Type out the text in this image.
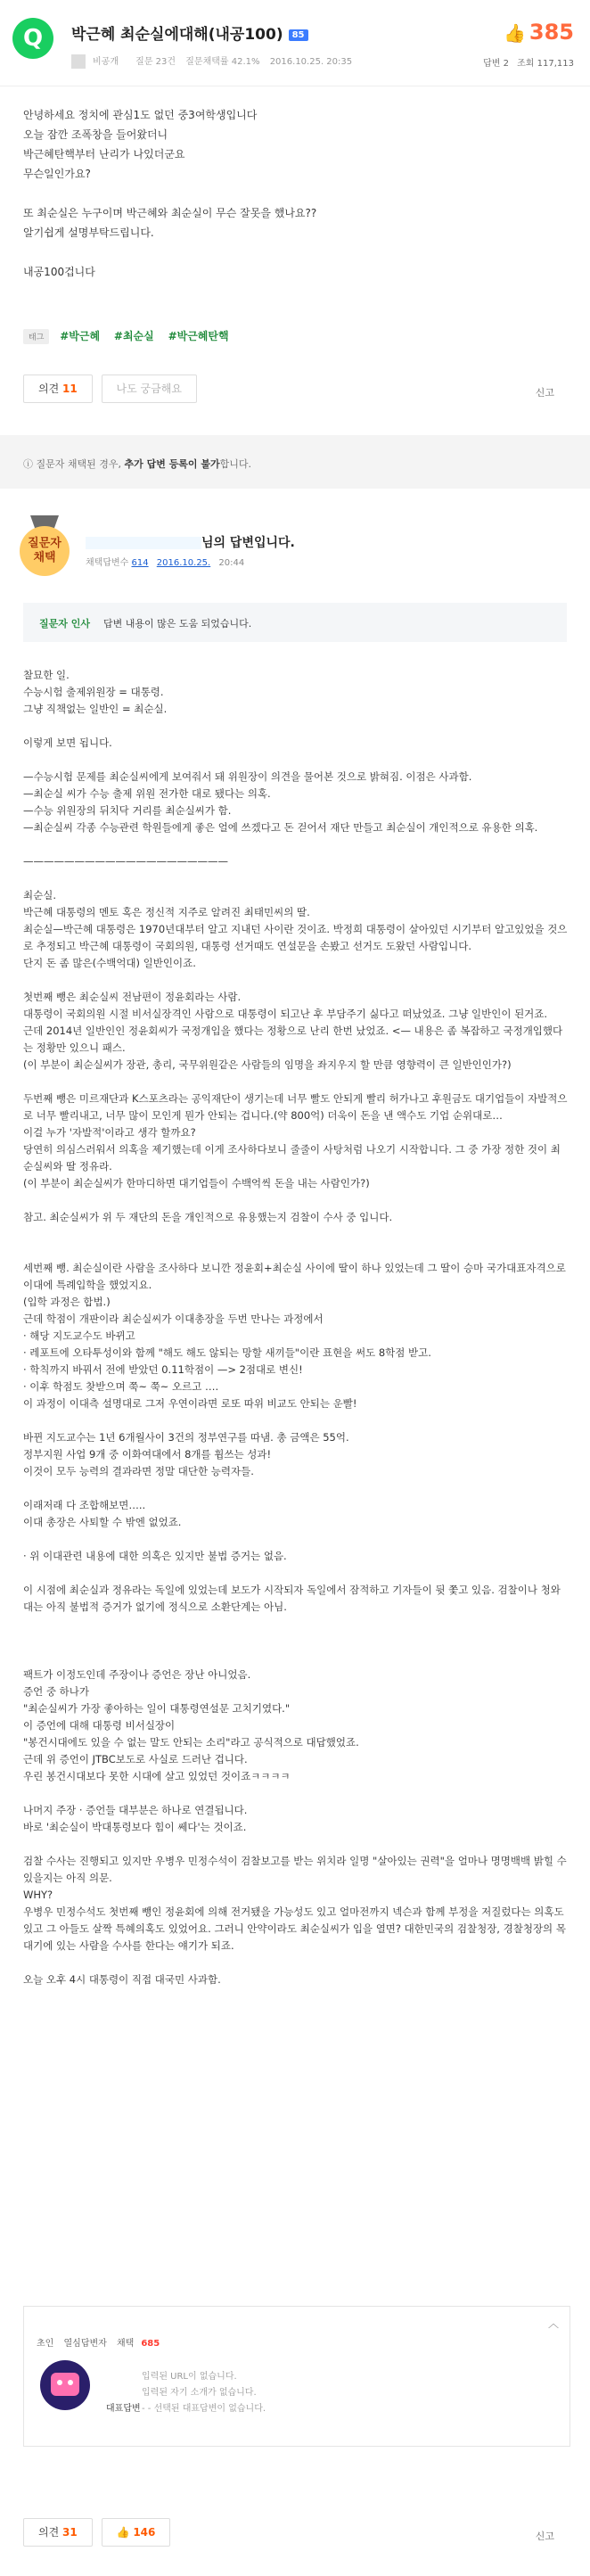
Q	박근혜 최순실에대해(내공100) 85
비공개 질문 23건 질문채택률 42.1% 2016.10.25. 20:35
👍 385
답변 2 조회 117,113
안녕하세요 정치에 관심1도 없던 중3여학생입니다
오늘 잠깐 조폭창을 들어왔더니
박근혜탄핵부터 난리가 나있더군요
무슨일인가요?
또 최순실은 누구이며 박근혜와 최순실이 무슨 잘못을 했나요??
알기쉽게 설명부탁드립니다.
내공100겁니다
태그 #박근혜 #최순실 #박근혜탄핵
의견 11	나도 궁금해요	신고
ⓘ 질문자 채택된 경우, 추가 답변 등록이 불가합니다.
질문자
채택
님의 답변입니다.
채택답변수 614 2016.10.25. 20:44
질문자 인사 답변 내용이 많은 도움 되었습니다.
찰묘한 일.
수능시험 출제위원장 = 대통령.
그냥 직책없는 일반인 = 최순실.
이렇게 보면 됩니다.
—수능시험 문제를 최순실씨에게 보여줘서 돼 위원장이 의견을 물어본 것으로 밝혀짐. 이점은 사과함.
—최순실 씨가 수능 출제 위원 전가한 대로 됐다는 의혹.
—수능 위원장의 뒤치닥 거리를 최순실씨가 함.
—최순실씨 각종 수능관련 학원들에게 좋은 얼에 쓰겠다고 돈 걷어서 재단 만들고 최순실이 개인적으로 유용한 의혹.
————————————————————
최순실.
박근혜 대통령의 멘토 혹은 정신적 지주로 알려진 최태민씨의 딸.
최순실—박근혜 대통령은 1970년대부터 알고 지내던 사이란 것이죠. 박정희 대통령이 살아있던 시기부터 알고있었을 것으로 추정되고 박근혜 대통령이 국회의원, 대통령 선거때도 연설문을 손봤고 선거도 도왔던 사람입니다.
단지 돈 좀 많은(수백억대) 일반인이죠.
첫번째 뺑은 최순실씨 전남편이 정윤회라는 사람.
대통령이 국회의원 시절 비서실장격인 사람으로 대통령이 되고난 후 부담주기 싫다고 떠났었죠. 그냥 일반인이 된거죠.
근데 2014년 일반인인 정윤회씨가 국정개입을 했다는 정황으로 난리 한번 났었죠. <— 내용은 좀 복잡하고 국정개입했다는 정황만 있으니 패스.
(이 부분이 최순실씨가 장관, 총리, 국무위원같은 사람들의 임명을 좌지우지 할 만큼 영향력이 큰 일반인인가?)
두번째 뺑은 미르재단과 K스포츠라는 공익재단이 생기는데 너무 빨도 안되게 빨리 허가나고 후원금도 대기업들이 자발적으로 너무 빨리내고, 너무 많이 모인게 뭔가 안되는 겁니다.(약 800억) 더욱이 돈을 낸 액수도 기업 순위대로…
이걸 누가 '자발적'이라고 생각 할까요?
당연히 의심스러워서 의혹을 제기했는데 이게 조사하다보니 줄줄이 사탕처럼 나오기 시작합니다. 그 중 가장 정한 것이 최순실씨와 딸 정유라.
(이 부분이 최순실씨가 한마디하면 대기업들이 수백억씩 돈을 내는 사람인가?)
참고. 최순실씨가 위 두 재단의 돈을 개인적으로 유용했는지 검찰이 수사 중 입니다.
세번째 뺑. 최순실이란 사람을 조사하다 보니깐 정윤회+최순실 사이에 딸이 하나 있었는데 그 딸이 승마 국가대표자격으로 이대에 특례입학을 했었지요.
(입학 과정은 합법.)
근데 학점이 개판이라 최순실씨가 이대총장을 두번 만나는 과정에서
· 해당 지도교수도 바뀌고
· 레포트에 오타투성이와 함께 "해도 해도 않되는 망할 새끼들"이란 표현을 써도 8학점 받고.
· 학칙까지 바꿔서 전에 받았던 0.11학점이 —> 2점대로 변신!
· 이후 학점도 찾받으며 쭉~ 쭉~ 오르고 ….
이 과정이 이대측 설명대로 그저 우연이라면 로또 따위 비교도 안되는 운빨!
바뀐 지도교수는 1년 6개월사이 3건의 정부연구를 따냄. 총 금액은 55억.
정부지원 사업 9개 중 이화여대에서 8개를 휩쓰는 성과!
이것이 모두 능력의 결과라면 정말 대단한 능력자들.
이래저래 다 조합해보면…..
이대 총장은 사퇴할 수 밖엔 없었죠.
· 위 이대관련 내용에 대한 의혹은 있지만 불법 증거는 없음.
이 시점에 최순실과 정유라는 독일에 있었는데 보도가 시작되자 독일에서 잠적하고 기자들이 뒷 쫓고 있음. 검찰이나 청와대는 아직 불법적 증거가 없기에 정식으로 소환단계는 아님.
팩트가 이정도인데 주장이나 증언은 장난 아니었음.
증언 중 하나가
"최순실씨가 가장 좋아하는 일이 대통령연설문 고치기였다."
이 증언에 대해 대통령 비서실장이
"봉건시대에도 있을 수 없는 말도 안되는 소리"라고 공식적으로 대답했었죠.
근데 위 증언이 JTBC보도로 사실로 드러난 겁니다.
우린 봉건시대보다 못한 시대에 살고 있었던 것이죠ㅋㅋㅋㅋ
나머지 주장 · 증언들 대부분은 하나로 연결됩니다.
바로 '최순실이 박대통령보다 힘이 쎄다'는 것이죠.
검찰 수사는 진행되고 있지만 우병우 민정수석이 검찰보고를 받는 위치라 일명 "살아있는 권력"을 얼마나 명명백백 밝힐 수 있을지는 아직 의문.
WHY?
우병우 민정수석도 첫번째 뺑인 정윤회에 의해 전거됐을 가능성도 있고 얼마전까지 넥슨과 함께 부정을 저질렀다는 의혹도 있고 그 아들도 살짝 특혜의혹도 있었어요. 그러니 안약이라도 최순실씨가 입을 열면? 대한민국의 검찰청장, 경찰청장의 목대기에 있는 사람을 수사를 한다는 얘기가 되죠.
오늘 오후 4시 대통령이 직접 대국민 사과함.
︿
초인 열심답변자 채택 685
입력된 URL이 없습니다.
입력된 자기 소개가 없습니다.
대표답변- - 선택된 대표답변이 없습니다.
의견 31	👍 146	신고
